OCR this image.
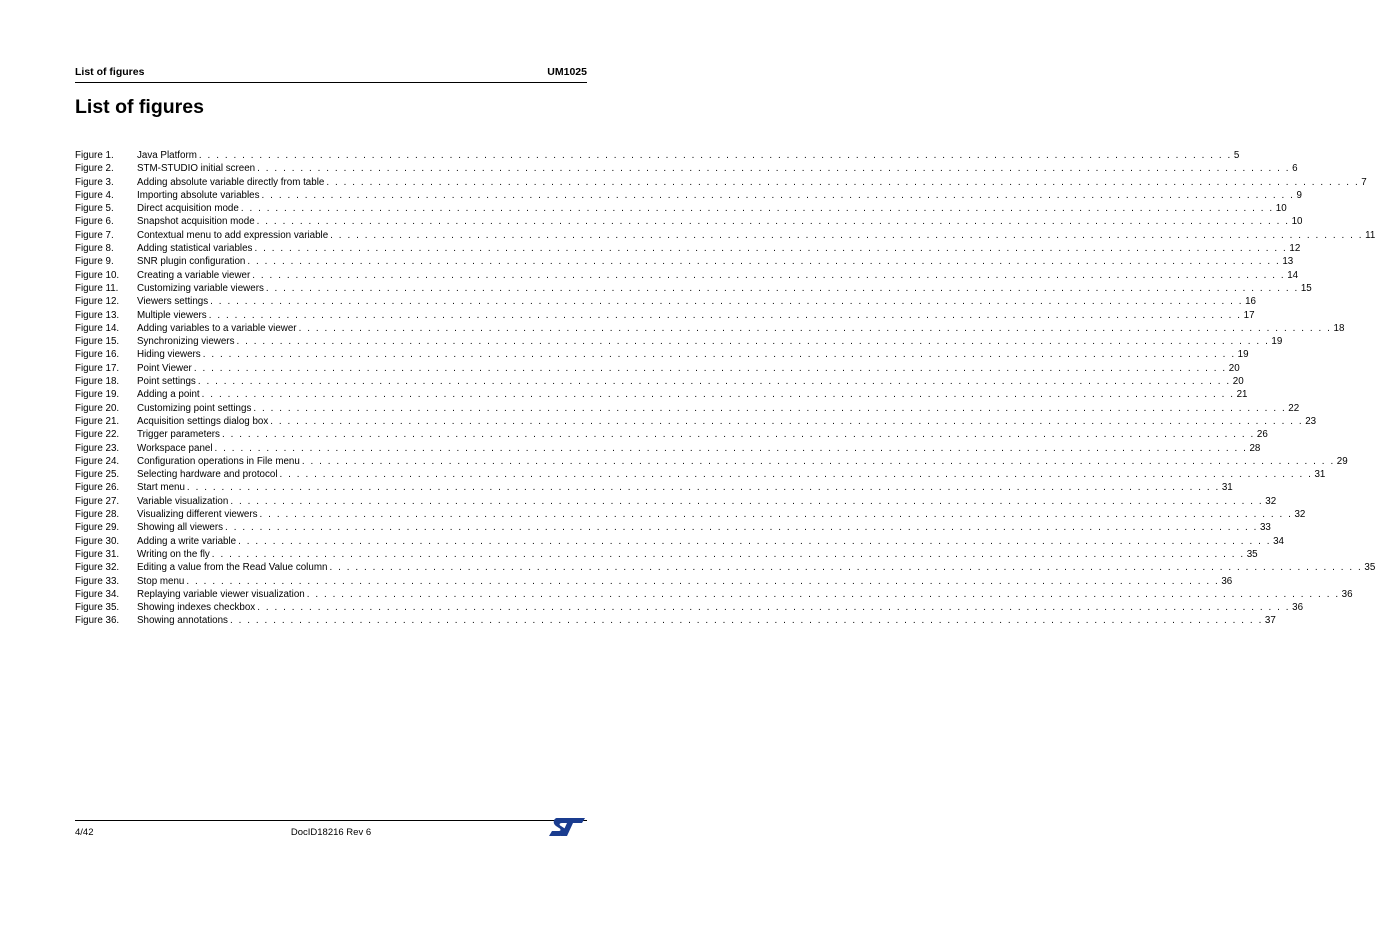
List of figures	UM1025
List of figures
Figure 1.	Java Platform . . . . . . . . . . . . . . . . . . . . . . . . . . . . . . . . . . . . . . . . . . . . . . . . . . . . . . . . . . . . . . . . . . . . . . . . . . . . . . . . . . . . . . . . . . . . . . . . . . . . . . . . . . . . . . . . . . . . . . . . 5
Figure 2.	STM-STUDIO initial screen . . . . . . . . . . . . . . . . . . . . . . . . . . . . . . . . . . . . . . . . . . . . . . . . . . . . . . . . . . . . . . . . . . . . . . . . . . . . . . . . . . . . . . . . . . . . . . . . . . . . . . . . . . . . . . . . . . . . . . . . 6
Figure 3.	Adding absolute variable directly from table . . . . . . . . . . . . . . . . . . . . . . . . . . . . . . . . . . . . . . . . . . . . . . . . . . . . . . . . . . . . . . . . . . . . . . . . . . . . . . . . . . . . . . . . . . . . . . . . . . . . . . . . . . . . . . . . . . . . . . . . 7
Figure 4.	Importing absolute variables . . . . . . . . . . . . . . . . . . . . . . . . . . . . . . . . . . . . . . . . . . . . . . . . . . . . . . . . . . . . . . . . . . . . . . . . . . . . . . . . . . . . . . . . . . . . . . . . . . . . . . . . . . . . . . . . . . . . . . . . 9
Figure 5.	Direct acquisition mode . . . . . . . . . . . . . . . . . . . . . . . . . . . . . . . . . . . . . . . . . . . . . . . . . . . . . . . . . . . . . . . . . . . . . . . . . . . . . . . . . . . . . . . . . . . . . . . . . . . . . . . . . . . . . . . . . . . . . . . . 10
Figure 6.	Snapshot acquisition mode . . . . . . . . . . . . . . . . . . . . . . . . . . . . . . . . . . . . . . . . . . . . . . . . . . . . . . . . . . . . . . . . . . . . . . . . . . . . . . . . . . . . . . . . . . . . . . . . . . . . . . . . . . . . . . . . . . . . . . . . 10
Figure 7.	Contextual menu to add expression variable . . . . . . . . . . . . . . . . . . . . . . . . . . . . . . . . . . . . . . . . . . . . . . . . . . . . . . . . . . . . . . . . . . . . . . . . . . . . . . . . . . . . . . . . . . . . . . . . . . . . . . . . . . . . . . . . . . . . . . . . 11
Figure 8.	Adding statistical variables . . . . . . . . . . . . . . . . . . . . . . . . . . . . . . . . . . . . . . . . . . . . . . . . . . . . . . . . . . . . . . . . . . . . . . . . . . . . . . . . . . . . . . . . . . . . . . . . . . . . . . . . . . . . . . . . . . . . . . . . 12
Figure 9.	SNR plugin configuration . . . . . . . . . . . . . . . . . . . . . . . . . . . . . . . . . . . . . . . . . . . . . . . . . . . . . . . . . . . . . . . . . . . . . . . . . . . . . . . . . . . . . . . . . . . . . . . . . . . . . . . . . . . . . . . . . . . . . . . . 13
Figure 10.	Creating a variable viewer . . . . . . . . . . . . . . . . . . . . . . . . . . . . . . . . . . . . . . . . . . . . . . . . . . . . . . . . . . . . . . . . . . . . . . . . . . . . . . . . . . . . . . . . . . . . . . . . . . . . . . . . . . . . . . . . . . . . . . . . 14
Figure 11.	Customizing variable viewers . . . . . . . . . . . . . . . . . . . . . . . . . . . . . . . . . . . . . . . . . . . . . . . . . . . . . . . . . . . . . . . . . . . . . . . . . . . . . . . . . . . . . . . . . . . . . . . . . . . . . . . . . . . . . . . . . . . . . . . . 15
Figure 12.	Viewers settings . . . . . . . . . . . . . . . . . . . . . . . . . . . . . . . . . . . . . . . . . . . . . . . . . . . . . . . . . . . . . . . . . . . . . . . . . . . . . . . . . . . . . . . . . . . . . . . . . . . . . . . . . . . . . . . . . . . . . . . . 16
Figure 13.	Multiple viewers . . . . . . . . . . . . . . . . . . . . . . . . . . . . . . . . . . . . . . . . . . . . . . . . . . . . . . . . . . . . . . . . . . . . . . . . . . . . . . . . . . . . . . . . . . . . . . . . . . . . . . . . . . . . . . . . . . . . . . . . 17
Figure 14.	Adding variables to a variable viewer . . . . . . . . . . . . . . . . . . . . . . . . . . . . . . . . . . . . . . . . . . . . . . . . . . . . . . . . . . . . . . . . . . . . . . . . . . . . . . . . . . . . . . . . . . . . . . . . . . . . . . . . . . . . . . . . . . . . . . . . 18
Figure 15.	Synchronizing viewers . . . . . . . . . . . . . . . . . . . . . . . . . . . . . . . . . . . . . . . . . . . . . . . . . . . . . . . . . . . . . . . . . . . . . . . . . . . . . . . . . . . . . . . . . . . . . . . . . . . . . . . . . . . . . . . . . . . . . . . . 19
Figure 16.	Hiding viewers . . . . . . . . . . . . . . . . . . . . . . . . . . . . . . . . . . . . . . . . . . . . . . . . . . . . . . . . . . . . . . . . . . . . . . . . . . . . . . . . . . . . . . . . . . . . . . . . . . . . . . . . . . . . . . . . . . . . . . . . 19
Figure 17.	Point Viewer . . . . . . . . . . . . . . . . . . . . . . . . . . . . . . . . . . . . . . . . . . . . . . . . . . . . . . . . . . . . . . . . . . . . . . . . . . . . . . . . . . . . . . . . . . . . . . . . . . . . . . . . . . . . . . . . . . . . . . . . 20
Figure 18.	Point settings . . . . . . . . . . . . . . . . . . . . . . . . . . . . . . . . . . . . . . . . . . . . . . . . . . . . . . . . . . . . . . . . . . . . . . . . . . . . . . . . . . . . . . . . . . . . . . . . . . . . . . . . . . . . . . . . . . . . . . . . 20
Figure 19.	Adding a point . . . . . . . . . . . . . . . . . . . . . . . . . . . . . . . . . . . . . . . . . . . . . . . . . . . . . . . . . . . . . . . . . . . . . . . . . . . . . . . . . . . . . . . . . . . . . . . . . . . . . . . . . . . . . . . . . . . . . . . . 21
Figure 20.	Customizing point settings . . . . . . . . . . . . . . . . . . . . . . . . . . . . . . . . . . . . . . . . . . . . . . . . . . . . . . . . . . . . . . . . . . . . . . . . . . . . . . . . . . . . . . . . . . . . . . . . . . . . . . . . . . . . . . . . . . . . . . . . 22
Figure 21.	Acquisition settings dialog box . . . . . . . . . . . . . . . . . . . . . . . . . . . . . . . . . . . . . . . . . . . . . . . . . . . . . . . . . . . . . . . . . . . . . . . . . . . . . . . . . . . . . . . . . . . . . . . . . . . . . . . . . . . . . . . . . . . . . . . . 23
Figure 22.	Trigger parameters . . . . . . . . . . . . . . . . . . . . . . . . . . . . . . . . . . . . . . . . . . . . . . . . . . . . . . . . . . . . . . . . . . . . . . . . . . . . . . . . . . . . . . . . . . . . . . . . . . . . . . . . . . . . . . . . . . . . . . . . 26
Figure 23.	Workspace panel . . . . . . . . . . . . . . . . . . . . . . . . . . . . . . . . . . . . . . . . . . . . . . . . . . . . . . . . . . . . . . . . . . . . . . . . . . . . . . . . . . . . . . . . . . . . . . . . . . . . . . . . . . . . . . . . . . . . . . . . 28
Figure 24.	Configuration operations in File menu . . . . . . . . . . . . . . . . . . . . . . . . . . . . . . . . . . . . . . . . . . . . . . . . . . . . . . . . . . . . . . . . . . . . . . . . . . . . . . . . . . . . . . . . . . . . . . . . . . . . . . . . . . . . . . . . . . . . . . . . 29
Figure 25.	Selecting hardware and protocol . . . . . . . . . . . . . . . . . . . . . . . . . . . . . . . . . . . . . . . . . . . . . . . . . . . . . . . . . . . . . . . . . . . . . . . . . . . . . . . . . . . . . . . . . . . . . . . . . . . . . . . . . . . . . . . . . . . . . . . . 31
Figure 26.	Start menu . . . . . . . . . . . . . . . . . . . . . . . . . . . . . . . . . . . . . . . . . . . . . . . . . . . . . . . . . . . . . . . . . . . . . . . . . . . . . . . . . . . . . . . . . . . . . . . . . . . . . . . . . . . . . . . . . . . . . . . . 31
Figure 27.	Variable visualization . . . . . . . . . . . . . . . . . . . . . . . . . . . . . . . . . . . . . . . . . . . . . . . . . . . . . . . . . . . . . . . . . . . . . . . . . . . . . . . . . . . . . . . . . . . . . . . . . . . . . . . . . . . . . . . . . . . . . . . . 32
Figure 28.	Visualizing different viewers . . . . . . . . . . . . . . . . . . . . . . . . . . . . . . . . . . . . . . . . . . . . . . . . . . . . . . . . . . . . . . . . . . . . . . . . . . . . . . . . . . . . . . . . . . . . . . . . . . . . . . . . . . . . . . . . . . . . . . . . 32
Figure 29.	Showing all viewers . . . . . . . . . . . . . . . . . . . . . . . . . . . . . . . . . . . . . . . . . . . . . . . . . . . . . . . . . . . . . . . . . . . . . . . . . . . . . . . . . . . . . . . . . . . . . . . . . . . . . . . . . . . . . . . . . . . . . . . . 33
Figure 30.	Adding a write variable . . . . . . . . . . . . . . . . . . . . . . . . . . . . . . . . . . . . . . . . . . . . . . . . . . . . . . . . . . . . . . . . . . . . . . . . . . . . . . . . . . . . . . . . . . . . . . . . . . . . . . . . . . . . . . . . . . . . . . . . 34
Figure 31.	Writing on the fly . . . . . . . . . . . . . . . . . . . . . . . . . . . . . . . . . . . . . . . . . . . . . . . . . . . . . . . . . . . . . . . . . . . . . . . . . . . . . . . . . . . . . . . . . . . . . . . . . . . . . . . . . . . . . . . . . . . . . . . . 35
Figure 32.	Editing a value from the Read Value column . . . . . . . . . . . . . . . . . . . . . . . . . . . . . . . . . . . . . . . . . . . . . . . . . . . . . . . . . . . . . . . . . . . . . . . . . . . . . . . . . . . . . . . . . . . . . . . . . . . . . . . . . . . . . . . . . . . . . . . . 35
Figure 33.	Stop menu . . . . . . . . . . . . . . . . . . . . . . . . . . . . . . . . . . . . . . . . . . . . . . . . . . . . . . . . . . . . . . . . . . . . . . . . . . . . . . . . . . . . . . . . . . . . . . . . . . . . . . . . . . . . . . . . . . . . . . . . 36
Figure 34.	Replaying variable viewer visualization . . . . . . . . . . . . . . . . . . . . . . . . . . . . . . . . . . . . . . . . . . . . . . . . . . . . . . . . . . . . . . . . . . . . . . . . . . . . . . . . . . . . . . . . . . . . . . . . . . . . . . . . . . . . . . . . . . . . . . . . 36
Figure 35.	Showing indexes checkbox . . . . . . . . . . . . . . . . . . . . . . . . . . . . . . . . . . . . . . . . . . . . . . . . . . . . . . . . . . . . . . . . . . . . . . . . . . . . . . . . . . . . . . . . . . . . . . . . . . . . . . . . . . . . . . . . . . . . . . . . 36
Figure 36.	Showing annotations . . . . . . . . . . . . . . . . . . . . . . . . . . . . . . . . . . . . . . . . . . . . . . . . . . . . . . . . . . . . . . . . . . . . . . . . . . . . . . . . . . . . . . . . . . . . . . . . . . . . . . . . . . . . . . . . . . . . . . . . 37
4/42	DocID18216 Rev 6
